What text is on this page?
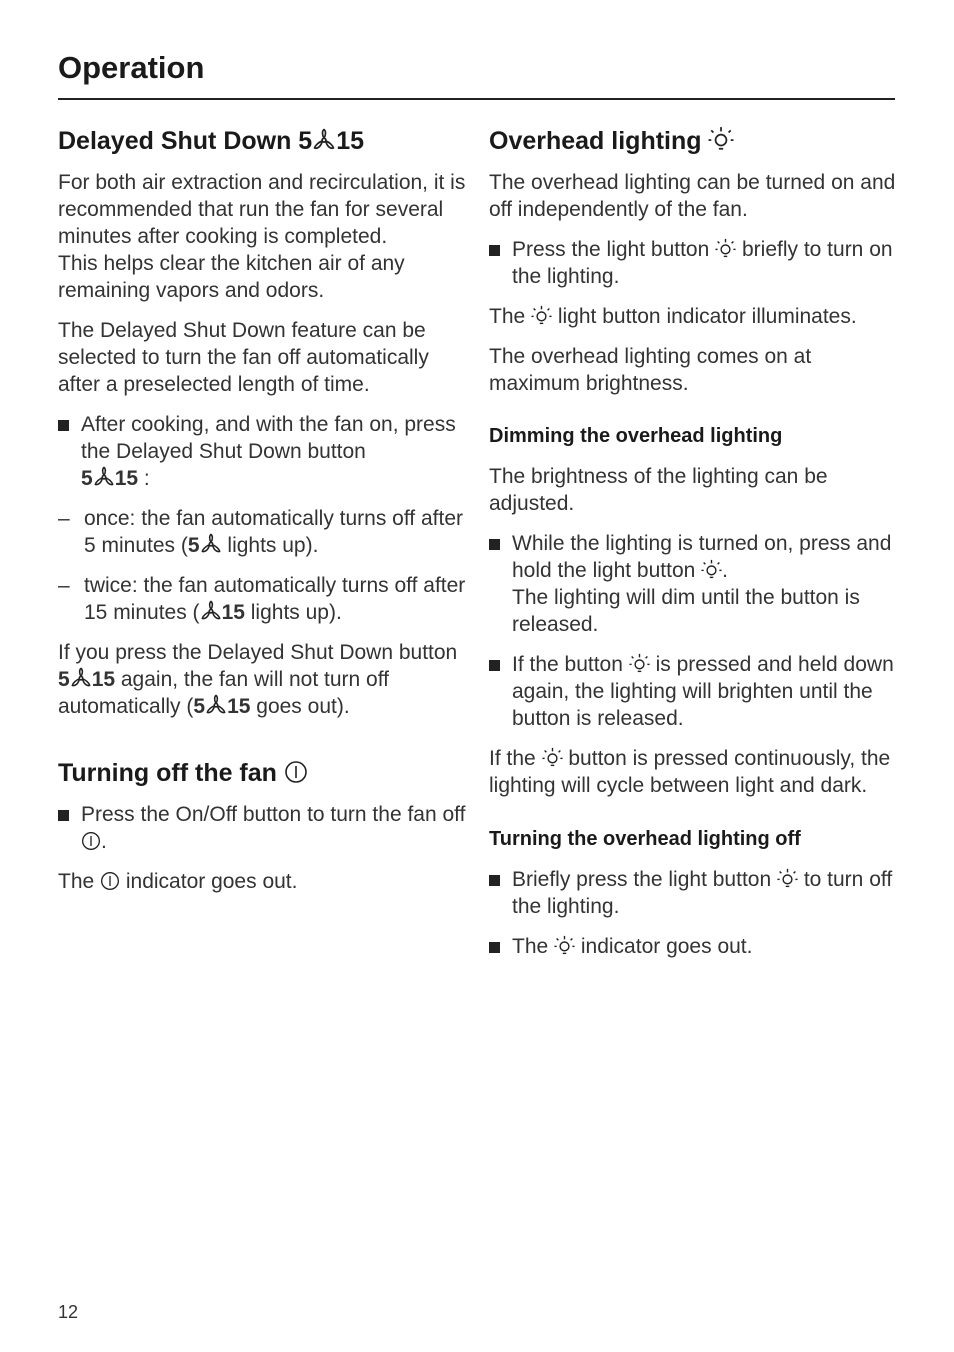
Operation
Delayed Shut Down 5 15

For both air extraction and recirculation, it is recommended that run the fan for several minutes after cooking is completed.
This helps clear the kitchen air of any remaining vapors and odors.

The Delayed Shut Down feature can be selected to turn the fan off automatically after a preselected length of time.

After cooking, and with the fan on, press the Delayed Shut Down button
5 15 :
– once: the fan automatically turns off after 5 minutes (5 lights up).
– twice: the fan automatically turns off after 15 minutes ( 15 lights up).

If you press the Delayed Shut Down button 5 15 again, the fan will not turn off automatically (5 15 goes out).

Turning off the fan
Press the On/Off button to turn the fan off .

The  indicator goes out.

Overhead lighting

The overhead lighting can be turned on and off independently of the fan.

Press the light button  briefly to turn on the lighting.

The  light button indicator illuminates.

The overhead lighting comes on at maximum brightness.

Dimming the overhead lighting

The brightness of the lighting can be adjusted.

While the lighting is turned on, press and hold the light button .
The lighting will dim until the button is released.
If the button  is pressed and held down again, the lighting will brighten until the button is released.

If the  button is pressed continuously, the lighting will cycle between light and dark.

Turning the overhead lighting off
Briefly press the light button  to turn off the lighting.
The  indicator goes out.
12
